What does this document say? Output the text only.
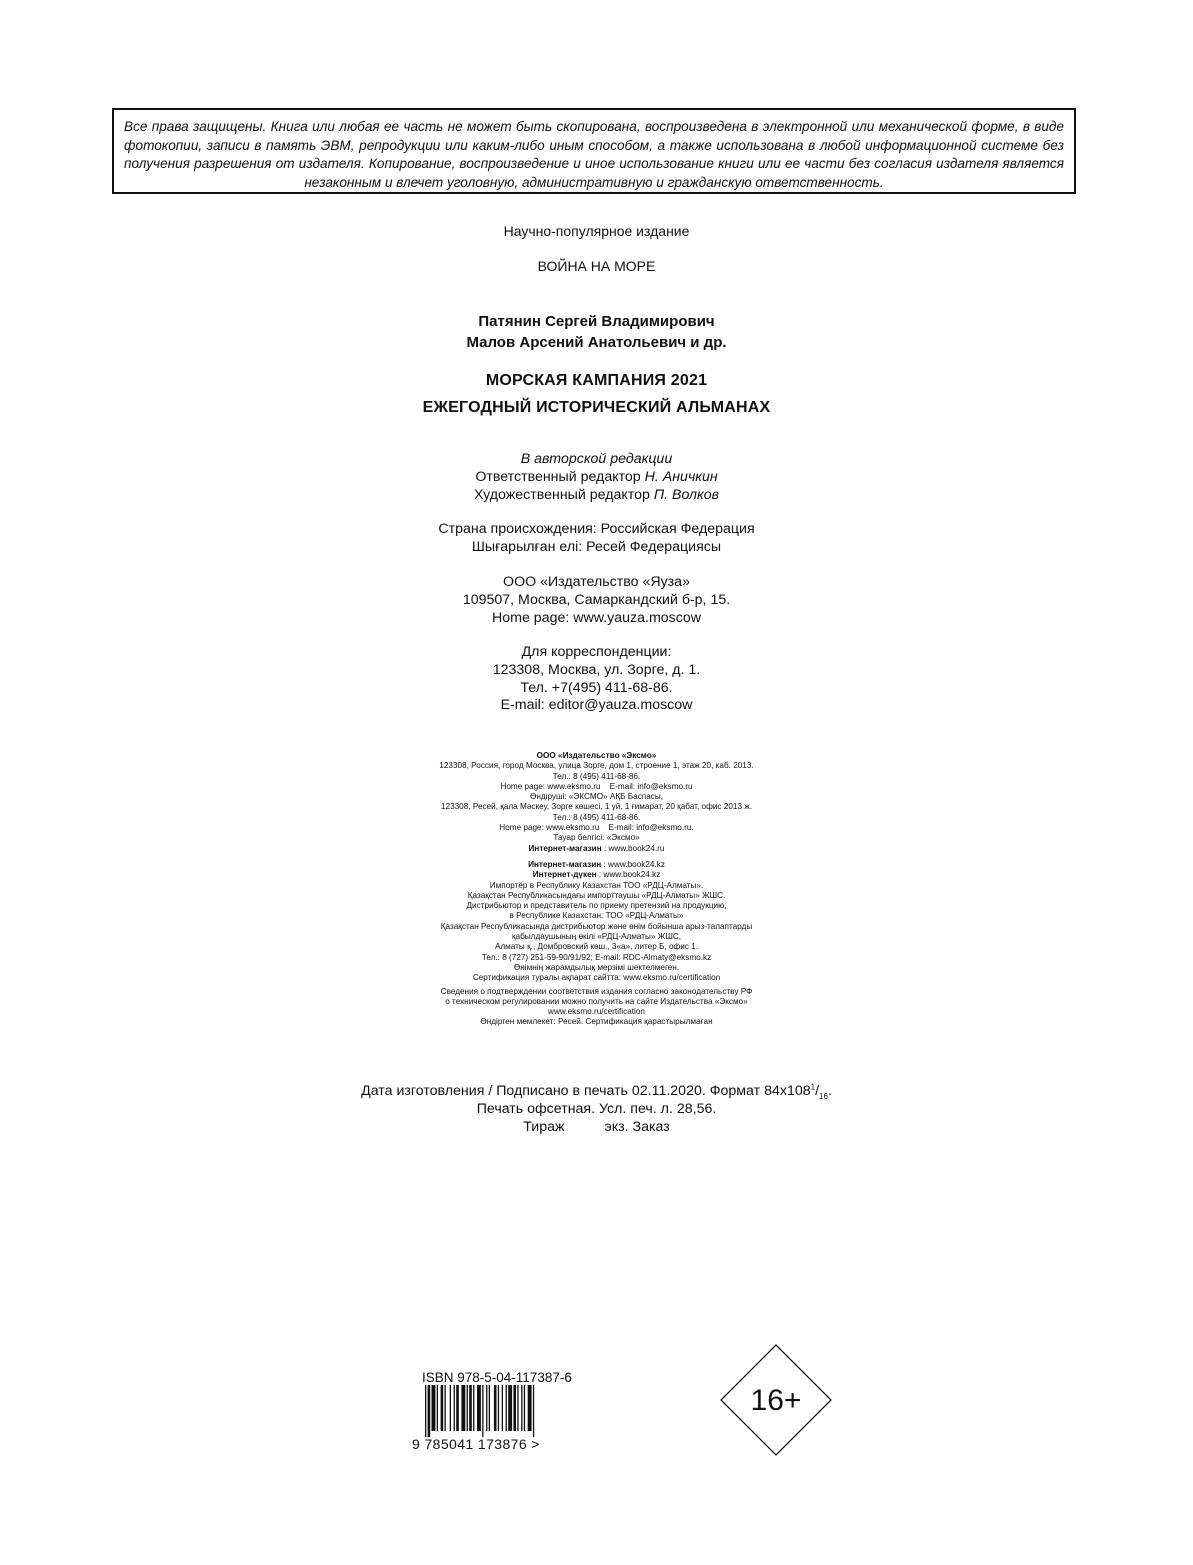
Все права защищены. Книга или любая ее часть не может быть скопирована, воспроизведена в электронной или механической форме, в виде фотокопии, записи в память ЭВМ, репродукции или каким-либо иным способом, а также использована в любой информационной системе без получения разрешения от издателя. Копирование, воспроизведение и иное использование книги или ее части без согласия издателя является незаконным и влечет уголовную, административную и гражданскую ответственность.
Научно-популярное издание
ВОЙНА НА МОРЕ
Патянин Сергей Владимирович
Малов Арсений Анатольевич и др.
МОРСКАЯ КАМПАНИЯ 2021
ЕЖЕГОДНЫЙ ИСТОРИЧЕСКИЙ АЛЬМАНАХ
В авторской редакции
Ответственный редактор Н. Аничкин
Художественный редактор П. Волков
Страна происхождения: Российская Федерация
Шығарылған елі: Ресей Федерациясы
ООО «Издательство «Яуза»
109507, Москва, Самаркандский б-р, 15.
Home page: www.yauza.moscow
Для корреспонденции:
123308, Москва, ул. Зорге, д. 1.
Тел. +7(495) 411-68-86.
E-mail: editor@yauza.moscow
ООО «Издательство «Эксмо»
123308, Россия, город Москва, улица Зорге, дом 1, строение 1, этаж 20, каб. 2013.
Тел.: 8 (495) 411-68-86.
Home page: www.eksmo.ru    E-mail: info@eksmo.ru
Өндіруші: «ЭКСМО» АҚБ Баспасы,
123308, Ресей, қала Мәскеу, Зорге көшесі, 1 үй, 1 ғимарат, 20 қабат, офис 2013 ж.
Тел.: 8 (495) 411-68-86.
Home page: www.eksmo.ru    E-mail: info@eksmo.ru.
Тауар белгісі: «Эксмо»
Интернет-магазин : www.book24.ru
Интернет-магазин : www.book24.kz
Интернет-дүкен : www.book24.kz
Импортёр в Республику Казахстан ТОО «РДЦ-Алматы».
Қазақстан Республикасындағы импорттаушы «РДЦ-Алматы» ЖШС.
Дистрибьютор и представитель по приему претензий на продукцию,
в Республике Казахстан: ТОО «РДЦ-Алматы»
Қазақстан Республикасында дистрибьютор және өнім бойынша арыз-талаптарды
қабылдаушының өкілі «РДЦ-Алматы» ЖШС,
Алматы қ., Домбровский көш., 3«а», литер Б, офис 1.
Тел.: 8 (727) 251-59-90/91/92; E-mail: RDC-Almaty@eksmo.kz
Өнімнің жарамдылық мерзімі шектелмеген.
Сертификация туралы ақпарат сайтта: www.eksmo.ru/certification
Сведения о подтверждении соответствия издания согласно законодательству РФ
о техническом регулировании можно получить на сайте Издательства «Эксмо»
www.eksmo.ru/certification
Өндірген мемлекет: Ресей. Сертификация қарастырылмаған
Дата изготовления / Подписано в печать 02.11.2020. Формат $84x108^1/_{16}$.
Печать офсетная. Усл. печ. л. 28,56.
Тираж	экз. Заказ
ISBN 978-5-04-117387-6
9 785041 173876 >
16+
